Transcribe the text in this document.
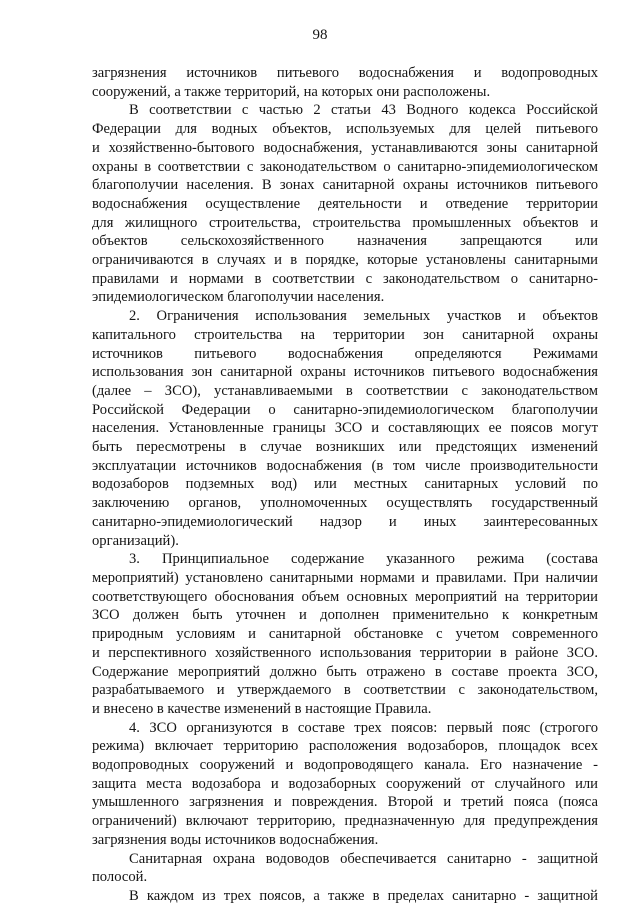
98
загрязнения источников питьевого водоснабжения и водопроводных
сооружений, а также территорий, на которых они расположены.
В соответствии с частью 2 статьи 43 Водного кодекса Российской
Федерации для водных объектов, используемых для целей питьевого
и хозяйственно-бытового водоснабжения, устанавливаются зоны санитарной
охраны в соответствии с законодательством о санитарно-эпидемиологическом
благополучии населения. В зонах санитарной охраны источников питьевого
водоснабжения осуществление деятельности и отведение территории
для жилищного строительства, строительства промышленных объектов и
объектов сельскохозяйственного назначения запрещаются или
ограничиваются в случаях и в порядке, которые установлены санитарными
правилами и нормами в соответствии с законодательством о санитарно-
эпидемиологическом благополучии населения.
2. Ограничения использования земельных участков и объектов
капитального строительства на территории зон санитарной охраны
источников питьевого водоснабжения определяются Режимами
использования зон санитарной охраны источников питьевого водоснабжения
(далее – ЗСО), устанавливаемыми в соответствии с законодательством
Российской Федерации о санитарно-эпидемиологическом благополучии
населения. Установленные границы ЗСО и составляющих ее поясов могут
быть пересмотрены в случае возникших или предстоящих изменений
эксплуатации источников водоснабжения (в том числе производительности
водозаборов подземных вод) или местных санитарных условий по
заключению органов, уполномоченных осуществлять государственный
санитарно-эпидемиологический надзор и иных заинтересованных
организаций).
3. Принципиальное содержание указанного режима (состава
мероприятий) установлено санитарными нормами и правилами. При наличии
соответствующего обоснования объем основных мероприятий на территории
ЗСО должен быть уточнен и дополнен применительно к конкретным
природным условиям и санитарной обстановке с учетом современного
и перспективного хозяйственного использования территории в районе ЗСО.
Содержание мероприятий должно быть отражено в составе проекта ЗСО,
разрабатываемого и утверждаемого в соответствии с законодательством,
и внесено в качестве изменений в настоящие Правила.
4. ЗСО организуются в составе трех поясов: первый пояс (строгого
режима) включает территорию расположения водозаборов, площадок всех
водопроводных сооружений и водопроводящего канала. Его назначение -
защита места водозабора и водозаборных сооружений от случайного или
умышленного загрязнения и повреждения. Второй и третий пояса (пояса
ограничений) включают территорию, предназначенную для предупреждения
загрязнения воды источников водоснабжения.
Санитарная охрана водоводов обеспечивается санитарно - защитной
полосой.
В каждом из трех поясов, а также в пределах санитарно - защитной
